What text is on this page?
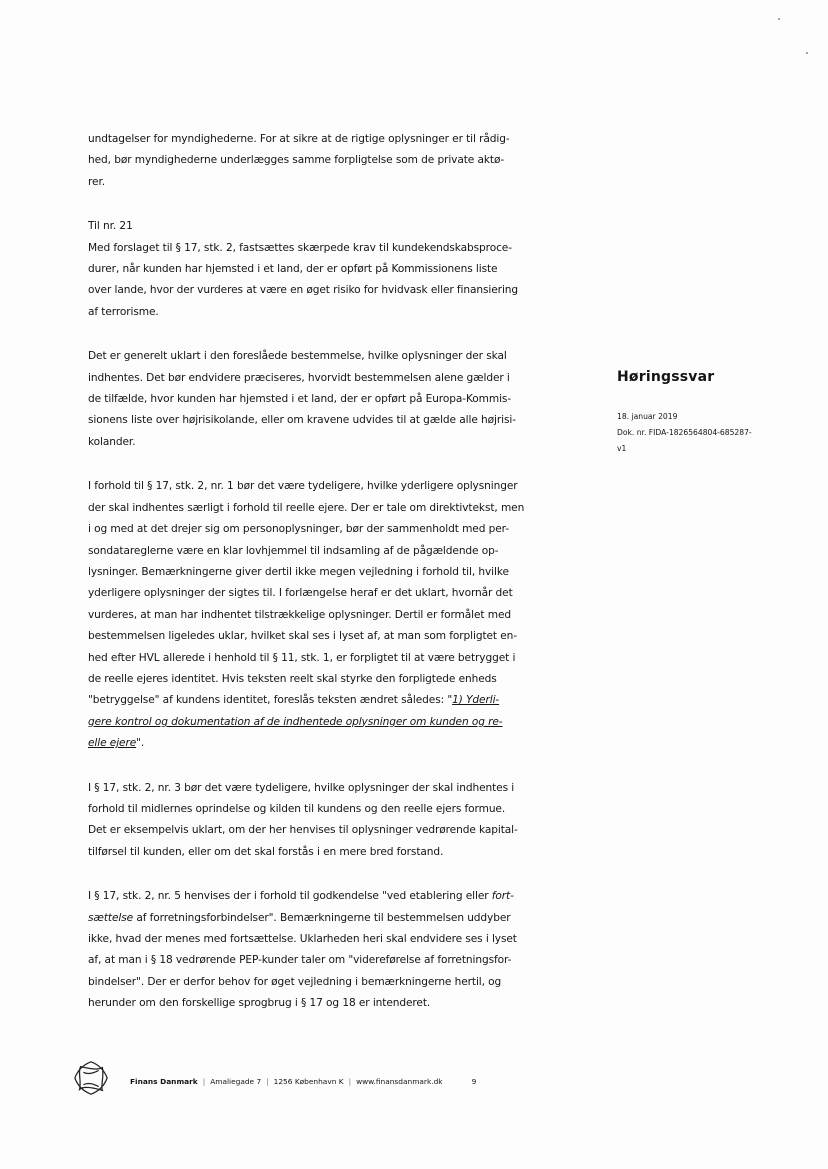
undtagelser for myndighederne. For at sikre at de rigtige oplysninger er til rådig-

hed, bør myndighederne underlægges samme forpligtelse som de private aktø-

rer.

Til nr. 21

Med forslaget til § 17, stk. 2, fastsættes skærpede krav til kundekendskabsproce-

durer, når kunden har hjemsted i et land, der er opført på Kommissionens liste

over lande, hvor der vurderes at være en øget risiko for hvidvask eller finansiering

af terrorisme.

Det er generelt uklart i den foreslåede bestemmelse, hvilke oplysninger der skal

indhentes. Det bør endvidere præciseres, hvorvidt bestemmelsen alene gælder i

de tilfælde, hvor kunden har hjemsted i et land, der er opført på Europa-Kommis-

sionens liste over højrisikolande, eller om kravene udvides til at gælde alle højrisi-

kolander.

I forhold til § 17, stk. 2, nr. 1 bør det være tydeligere, hvilke yderligere oplysninger

der skal indhentes særligt i forhold til reelle ejere. Der er tale om direktivtekst, men

i og med at det drejer sig om personoplysninger, bør der sammenholdt med per-

sondatareglerne være en klar lovhjemmel til indsamling af de pågældende op-

lysninger. Bemærkningerne giver dertil ikke megen vejledning i forhold til, hvilke

yderligere oplysninger der sigtes til. I forlængelse heraf er det uklart, hvornår det

vurderes, at man har indhentet tilstrækkelige oplysninger. Dertil er formålet med

bestemmelsen ligeledes uklar, hvilket skal ses i lyset af, at man som forpligtet en-

hed efter HVL allerede i henhold til § 11, stk. 1, er forpligtet til at være betrygget i

de reelle ejeres identitet. Hvis teksten reelt skal styrke den forpligtede enheds

"betryggelse" af kundens identitet, foreslås teksten ændret således: "1) Yderli-

gere kontrol og dokumentation af de indhentede oplysninger om kunden og re-

elle ejere".

I § 17, stk. 2, nr. 3 bør det være tydeligere, hvilke oplysninger der skal indhentes i

forhold til midlernes oprindelse og kilden til kundens og den reelle ejers formue.

Det er eksempelvis uklart, om der her henvises til oplysninger vedrørende kapital-

tilførsel til kunden, eller om det skal forstås i en mere bred forstand.

I § 17, stk. 2, nr. 5 henvises der i forhold til godkendelse "ved etablering eller fort-

sættelse af forretningsforbindelser". Bemærkningerne til bestemmelsen uddyber

ikke, hvad der menes med fortsættelse. Uklarheden heri skal endvidere ses i lyset

af, at man i § 18 vedrørende PEP-kunder taler om "videreførelse af forretningsfor-

bindelser". Der er derfor behov for øget vejledning i bemærkningerne hertil, og

herunder om den forskellige sprogbrug i § 17 og 18 er intenderet.

Høringssvar
18. januar 2019
Dok. nr. FIDA-1826564804-685287-
v1
Finans Danmark | Amaliegade 7 | 1256 København K | www.finansdanmark.dk	9
